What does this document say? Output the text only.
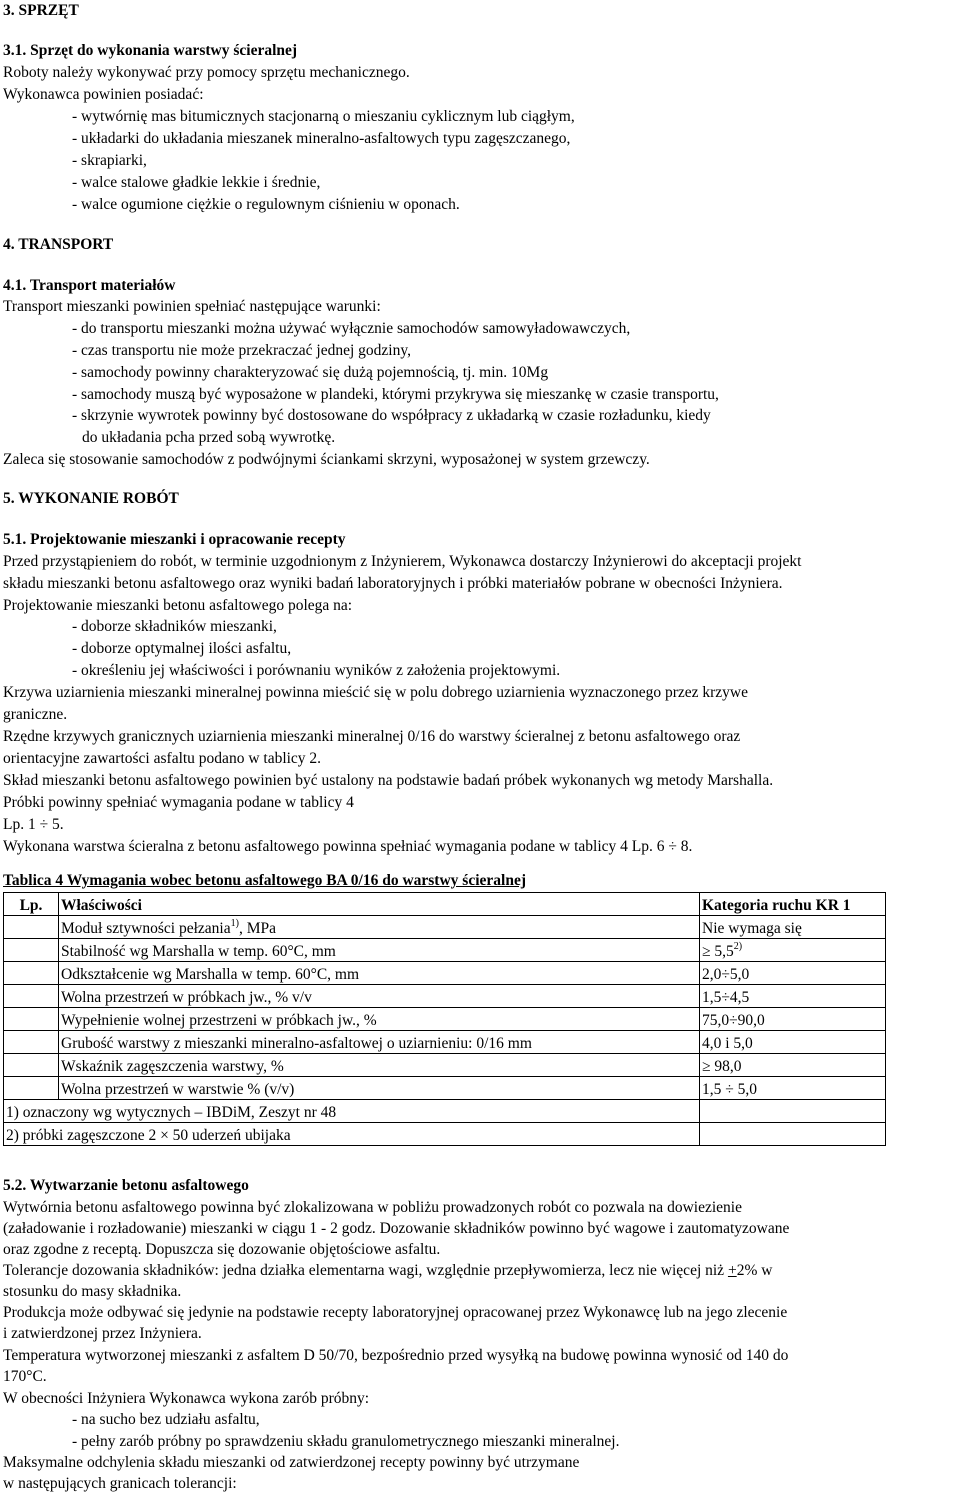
3. SPRZĘT
3.1. Sprzęt do wykonania warstwy ścieralnej
Roboty należy wykonywać przy pomocy sprzętu mechanicznego.
Wykonawca powinien posiadać:
- wytwórnię mas bitumicznych stacjonarną o mieszaniu cyklicznym lub ciągłym,
- układarki do układania mieszanek mineralno-asfaltowych typu zagęszczanego,
- skrapiarki,
- walce stalowe gładkie lekkie i średnie,
- walce ogumione ciężkie o regulownym ciśnieniu w oponach.
4. TRANSPORT
4.1. Transport materiałów
Transport mieszanki powinien spełniać następujące warunki:
- do transportu mieszanki można używać wyłącznie samochodów samowyładowawczych,
- czas transportu nie może przekraczać jednej godziny,
- samochody powinny charakteryzować się dużą pojemnością, tj. min. 10Mg
- samochody muszą być wyposażone w plandeki, którymi przykrywa się mieszankę w czasie transportu,
- skrzynie wywrotek powinny być dostosowane do współpracy z układarką w czasie rozładunku, kiedy
do układania pcha przed sobą wywrotkę.
Zaleca się stosowanie samochodów z podwójnymi ściankami skrzyni, wyposażonej w system grzewczy.
5. WYKONANIE ROBÓT
5.1. Projektowanie mieszanki i opracowanie recepty
Przed przystąpieniem do robót, w terminie uzgodnionym z Inżynierem, Wykonawca dostarczy Inżynierowi do akceptacji projekt
składu mieszanki betonu asfaltowego oraz wyniki badań laboratoryjnych i próbki materiałów pobrane w obecności Inżyniera.
Projektowanie mieszanki betonu asfaltowego polega na:
- doborze składników mieszanki,
- doborze optymalnej ilości asfaltu,
- określeniu jej właściwości i porównaniu wyników z założenia projektowymi.
Krzywa uziarnienia mieszanki mineralnej powinna mieścić się w polu dobrego uziarnienia wyznaczonego przez krzywe
graniczne.
Rzędne krzywych granicznych uziarnienia mieszanki mineralnej 0/16 do warstwy ścieralnej z betonu asfaltowego oraz
orientacyjne zawartości asfaltu podano w tablicy 2.
Skład mieszanki betonu asfaltowego powinien być ustalony na podstawie badań próbek wykonanych wg metody Marshalla.
Próbki powinny spełniać wymagania podane w tablicy 4
Lp. 1 ÷ 5.
Wykonana warstwa ścieralna z betonu asfaltowego powinna spełniać wymagania podane w tablicy 4 Lp. 6 ÷ 8.
Tablica 4 Wymagania wobec betonu asfaltowego BA 0/16 do warstwy ścieralnej
Lp.	Właściwości	Kategoria ruchu KR 1
	Moduł sztywności pełzania$^{1)}$, MPa	Nie wymaga się
	Stabilność wg Marshalla w temp. 60°C, mm	≥ $5,5^{2)}$
	Odkształcenie wg Marshalla w temp. 60°C, mm	2,0÷5,0
	Wolna przestrzeń w próbkach jw., % v/v	1,5÷4,5
	Wypełnienie wolnej przestrzeni w próbkach jw., %	75,0÷90,0
	Grubość warstwy z mieszanki mineralno-asfaltowej o uziarnieniu: 0/16 mm	4,0 i 5,0
	Wskaźnik zagęszczenia warstwy, %	≥ 98,0
	Wolna przestrzeń w warstwie % (v/v)	1,5 ÷ 5,0
1) oznaczony wg wytycznych – IBDiM, Zeszyt nr 48		
2) próbki zagęszczone 2 × 50 uderzeń ubijaka		
5.2. Wytwarzanie betonu asfaltowego
Wytwórnia betonu asfaltowego powinna być zlokalizowana w pobliżu prowadzonych robót co pozwala na dowiezienie
(załadowanie i rozładowanie) mieszanki w ciągu 1 - 2 godz. Dozowanie składników powinno być wagowe i zautomatyzowane
oraz zgodne z receptą. Dopuszcza się dozowanie objętościowe asfaltu.
Tolerancje dozowania składników: jedna działka elementarna wagi, względnie przepływomierza, lecz nie więcej niż +2% w
stosunku do masy składnika.
Produkcja może odbywać się jedynie na podstawie recepty laboratoryjnej opracowanej przez Wykonawcę lub na jego zlecenie
i zatwierdzonej przez Inżyniera.
Temperatura wytworzonej mieszanki z asfaltem D 50/70, bezpośrednio przed wysyłką na budowę powinna wynosić od 140 do
170°C.
W obecności Inżyniera Wykonawca wykona zarób próbny:
- na sucho bez udziału asfaltu,
- pełny zarób próbny po sprawdzeniu składu granulometrycznego mieszanki mineralnej.
Maksymalne odchylenia składu mieszanki od zatwierdzonej recepty powinny być utrzymane
w następujących granicach tolerancji:
